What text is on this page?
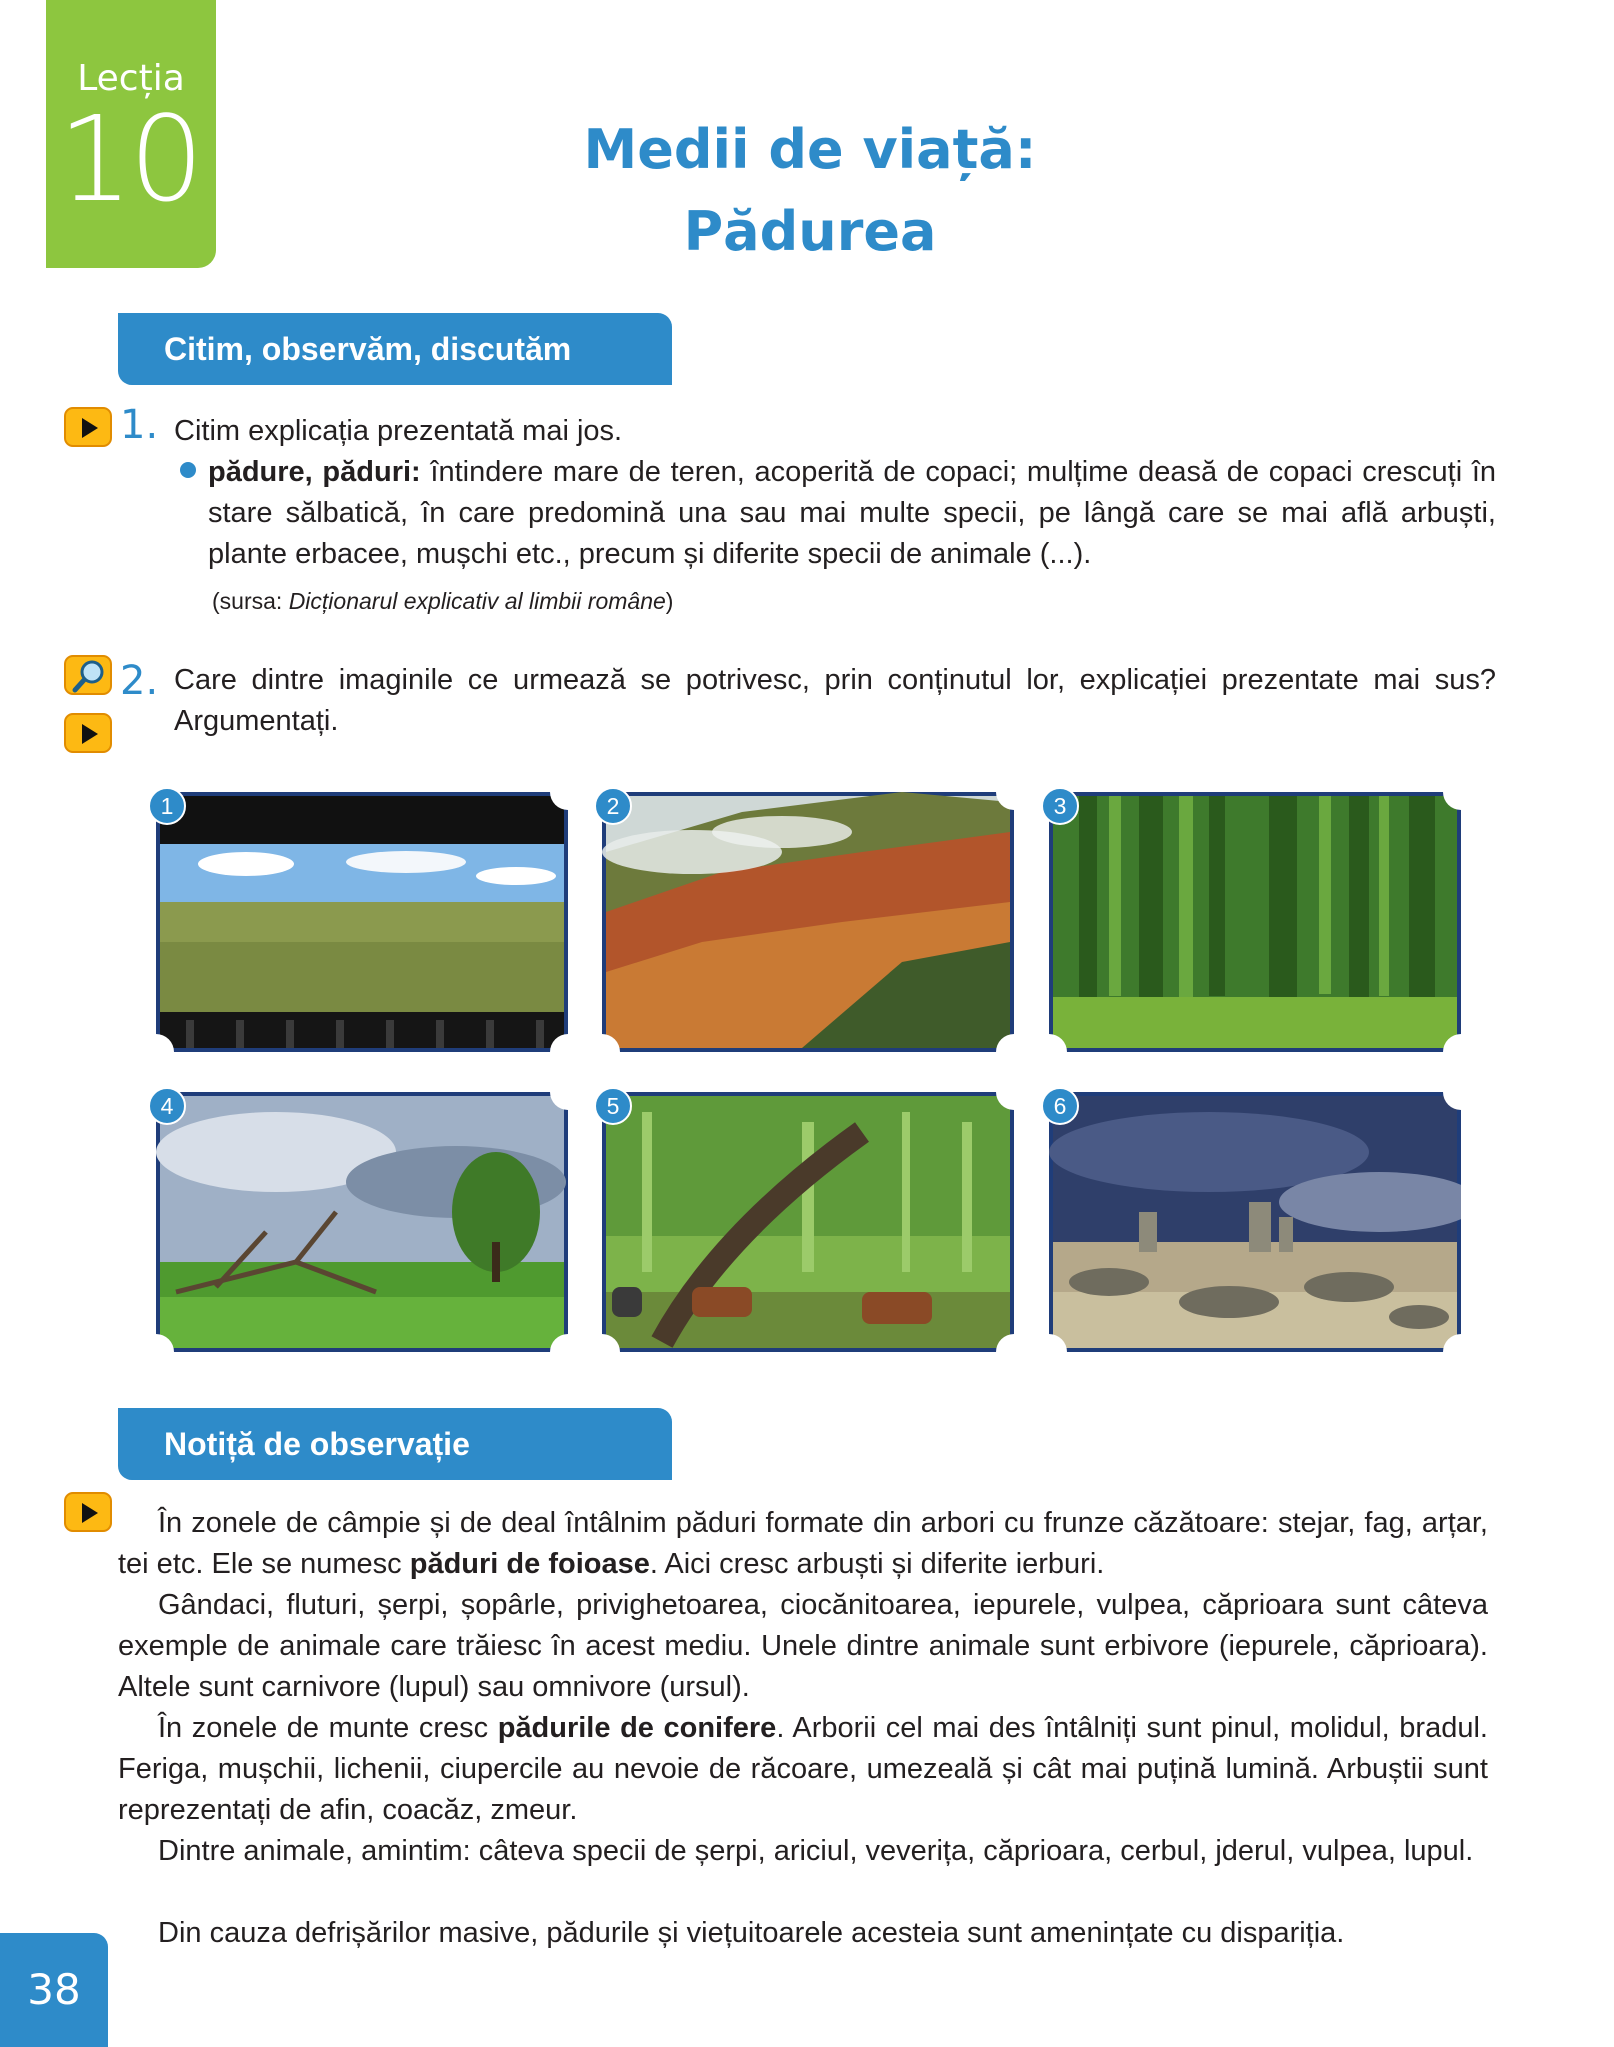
Lecția
10	Medii de viață:
Pădurea
Citim, observăm, discutăm
1. Citim explicația prezentată mai jos.
pădure, păduri: întindere mare de teren, acoperită de copaci; mulțime deasă de copaci crescuți în stare sălbatică, în care predomină una sau mai multe specii, pe lângă care se mai află arbuști, plante erbacee, mușchi etc., precum și diferite specii de animale (...).
(sursa: Dicționarul explicativ al limbii române)
2. Care dintre imaginile ce urmează se potrivesc, prin conținutul lor, explicației prezentate mai sus? Argumentați.
1	2	3
4	5	6
Notiță de observație

În zonele de câmpie și de deal întâlnim păduri formate din arbori cu frunze căzătoare: stejar, fag, arțar, tei etc. Ele se numesc păduri de foioase. Aici cresc arbuști și diferite ierburi.

Gândaci, fluturi, șerpi, șopârle, privighetoarea, ciocănitoarea, iepurele, vulpea, căprioara sunt câteva exemple de animale care trăiesc în acest mediu. Unele dintre animale sunt erbivore (iepurele, căprioara). Altele sunt carnivore (lupul) sau omnivore (ursul).

În zonele de munte cresc pădurile de conifere. Arborii cel mai des întâlniți sunt pinul, molidul, bradul. Feriga, mușchii, lichenii, ciupercile au nevoie de răcoare, umezeală și cât mai puțină lumină. Arbuștii sunt reprezentați de afin, coacăz, zmeur.

Dintre animale, amintim: câteva specii de șerpi, ariciul, veverița, căprioara, cerbul, jderul, vulpea, lupul.

Din cauza defrișărilor masive, pădurile și viețuitoarele acesteia sunt amenințate cu dispariția.

38
